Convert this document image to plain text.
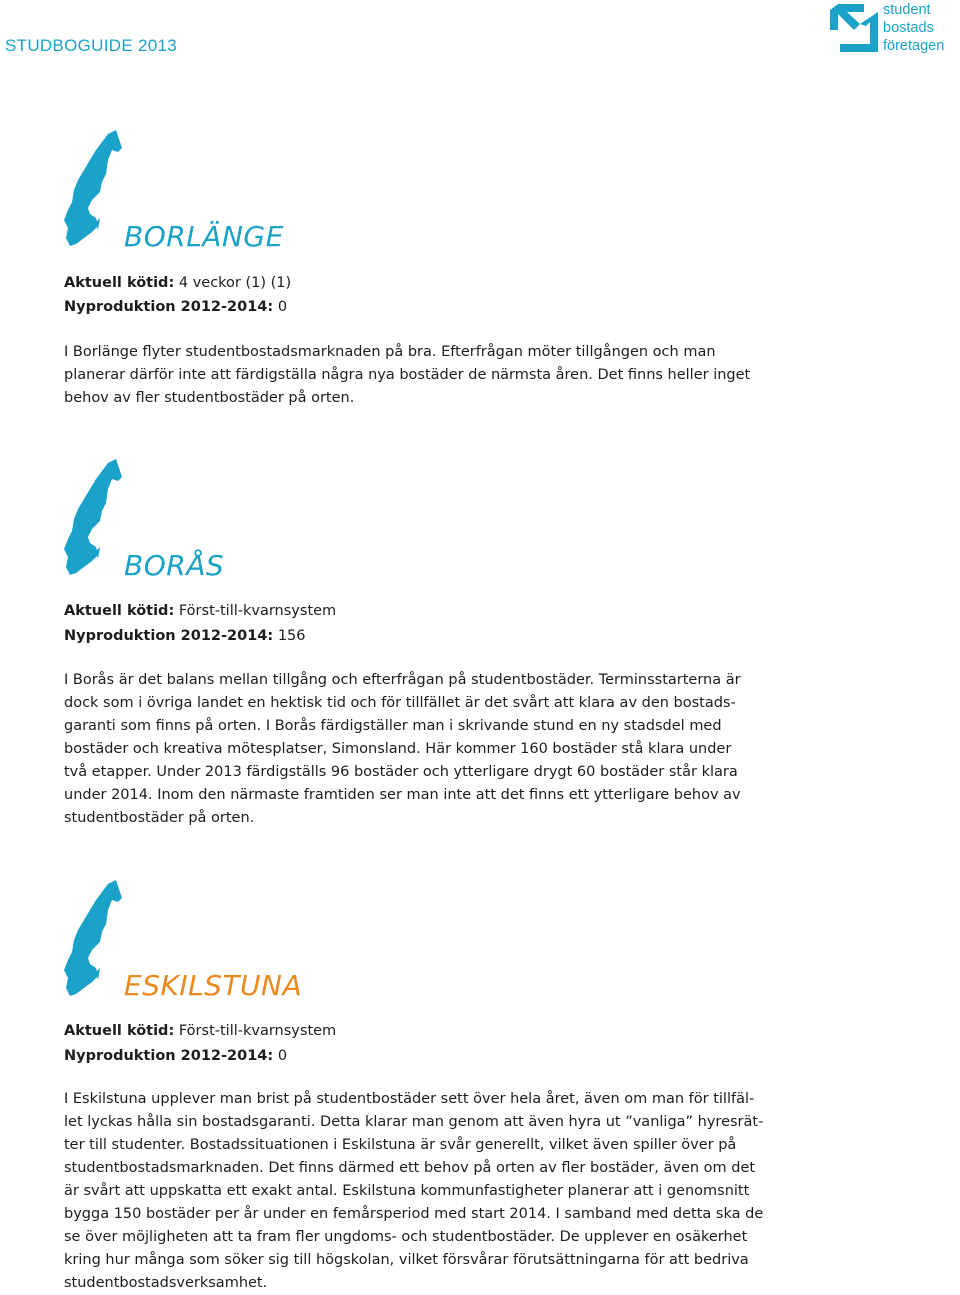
STUDBOGUIDE 2013
student
bostads
företagen
BORLÄNGE
Aktuell kötid: 4 veckor (1) (1)
Nyproduktion 2012-2014: 0
I Borlänge flyter studentbostadsmarknaden på bra. Efterfrågan möter tillgången och man
planerar därför inte att färdigställa några nya bostäder de närmsta åren. Det finns heller inget
behov av fler studentbostäder på orten.
BORÅS
Aktuell kötid: Först-till-kvarnsystem
Nyproduktion 2012-2014: 156
I Borås är det balans mellan tillgång och efterfrågan på studentbostäder. Terminsstarterna är
dock som i övriga landet en hektisk tid och för tillfället är det svårt att klara av den bostads-
garanti som finns på orten. I Borås färdigställer man i skrivande stund en ny stadsdel med
bostäder och kreativa mötesplatser, Simonsland. Här kommer 160 bostäder stå klara under
två etapper. Under 2013 färdigställs 96 bostäder och ytterligare drygt 60 bostäder står klara
under 2014. Inom den närmaste framtiden ser man inte att det finns ett ytterligare behov av
studentbostäder på orten.
ESKILSTUNA
Aktuell kötid: Först-till-kvarnsystem
Nyproduktion 2012-2014: 0
I Eskilstuna upplever man brist på studentbostäder sett över hela året, även om man för tillfäl-
let lyckas hålla sin bostadsgaranti. Detta klarar man genom att även hyra ut ”vanliga” hyresrät-
ter till studenter. Bostadssituationen i Eskilstuna är svår generellt, vilket även spiller över på
studentbostadsmarknaden. Det finns därmed ett behov på orten av fler bostäder, även om det
är svårt att uppskatta ett exakt antal. Eskilstuna kommunfastigheter planerar att i genomsnitt
bygga 150 bostäder per år under en femårsperiod med start 2014. I samband med detta ska de
se över möjligheten att ta fram fler ungdoms- och studentbostäder. De upplever en osäkerhet
kring hur många som söker sig till högskolan, vilket försvårar förutsättningarna för att bedriva
studentbostadsverksamhet.
